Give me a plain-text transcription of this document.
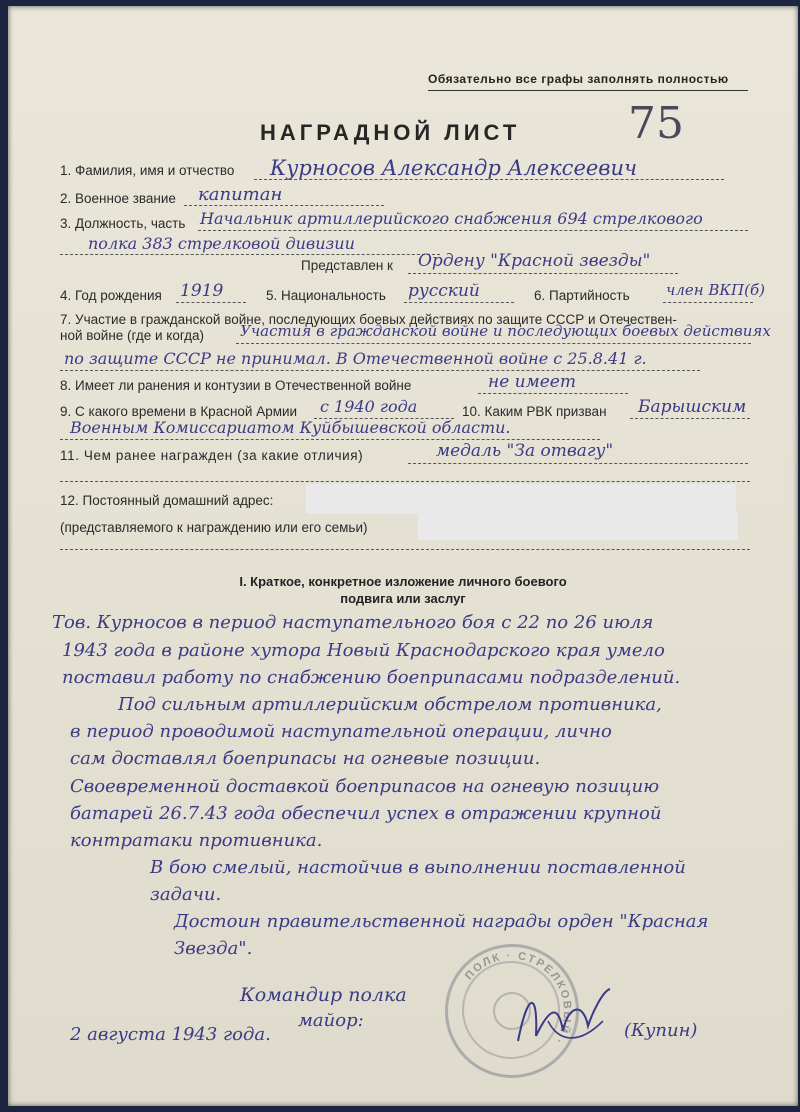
Обязательно все графы заполнять полностью
75
НАГРАДНОЙ ЛИСТ
1. Фамилия, имя и отчество Курносов Александр Алексеевич
2. Военное звание капитан
3. Должность, часть Начальник артиллерийского снабжения 694 стрелкового
полка 383 стрелковой дивизии
Представлен к Ордену "Красной звезды"
4. Год рождения 1919	5. Национальность русский	6. Партийность член ВКП(б)
7. Участие в гражданской войне, последующих боевых действиях по защите СССР и Отечествен-
ной войне (где и когда) Участия в гражданской войне и последующих боевых действиях
по защите СССР не принимал. В Отечественной войне с 25.8.41 г.
8. Имеет ли ранения и контузии в Отечественной войне	не имеет
9. С какого времени в Красной Армии с 1940 года	10. Каким РВК призван Барышским
Военным Комиссариатом Куйбышевской области.
11. Чем ранее награжден (за какие отличия)	медаль "За отвагу"
12. Постоянный домашний адрес:
(представляемого к награждению или его семьи)
I. Краткое, конкретное изложение личного боевого
подвига или заслуг
Тов. Курносов в период наступательного боя с 22 по 26 июля
1943 года в районе хутора Новый Краснодарского края умело
поставил работу по снабжению боеприпасами подразделений.
Под сильным артиллерийским обстрелом противника,
в период проводимой наступательной операции, лично
сам доставлял боеприпасы на огневые позиции.
Своевременной доставкой боеприпасов на огневую позицию
батарей 26.7.43 года обеспечил успех в отражении крупной
контратаки противника.
В бою смелый, настойчив в выполнении поставленной
задачи.
Достоин правительственной награды орден "Красная
Звезда".
Командир полка
майор:	(Купин)
2 августа 1943 года.
ПОЛК · СТРЕЛКОВЫЙ ·
